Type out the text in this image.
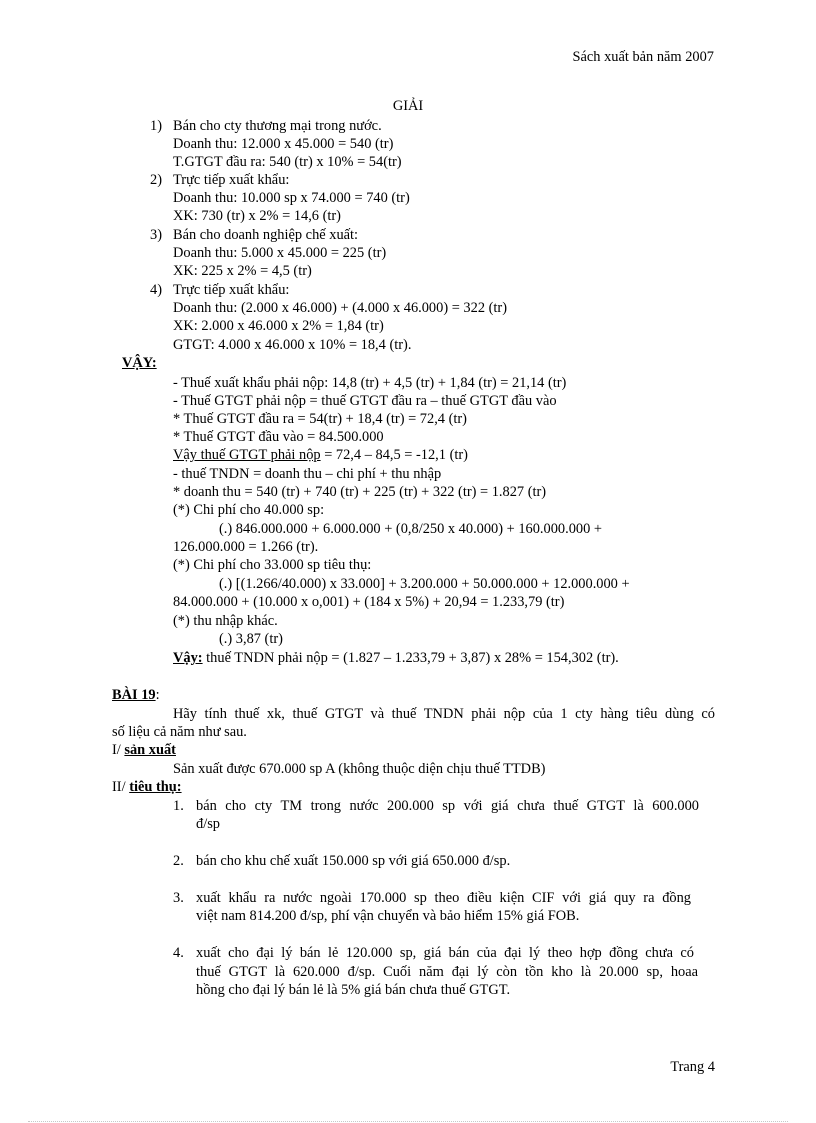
Sách xuất bản năm 2007
GIẢI
1) Bán cho cty thương mại trong nước.
Doanh thu: 12.000 x 45.000 = 540 (tr)
T.GTGT đầu ra: 540 (tr) x 10% = 54(tr)
2) Trực tiếp xuất khẩu:
Doanh thu: 10.000 sp x 74.000 = 740 (tr)
XK: 730 (tr) x 2% = 14,6 (tr)
3) Bán cho doanh nghiệp chế xuất:
Doanh thu: 5.000 x 45.000 = 225 (tr)
XK: 225 x 2% = 4,5 (tr)
4) Trực tiếp xuất khẩu:
Doanh thu: (2.000 x 46.000) + (4.000 x 46.000) = 322 (tr)
XK: 2.000 x 46.000 x 2% = 1,84 (tr)
GTGT: 4.000 x 46.000 x 10% = 18,4 (tr).
VẬY:
- Thuế xuất khẩu phải nộp: 14,8 (tr) + 4,5 (tr) + 1,84 (tr) = 21,14 (tr)
- Thuế GTGT phải nộp = thuế GTGT đầu ra – thuế GTGT đầu vào
* Thuế GTGT đầu ra = 54(tr) + 18,4 (tr) = 72,4 (tr)
* Thuế GTGT đầu vào = 84.500.000
Vậy thuế GTGT phải nộp = 72,4 – 84,5 = -12,1 (tr)
- thuế TNDN = doanh thu – chi phí + thu nhập
* doanh thu = 540 (tr) + 740 (tr) + 225 (tr) + 322 (tr) = 1.827 (tr)
(*) Chi phí cho 40.000 sp:
(.) 846.000.000 + 6.000.000 + (0,8/250 x 40.000) + 160.000.000 +
126.000.000 = 1.266 (tr).
(*) Chi phí cho 33.000 sp tiêu thụ:
(.) [(1.266/40.000) x 33.000] + 3.200.000 + 50.000.000 + 12.000.000 +
84.000.000 + (10.000 x o,001) + (184 x 5%) + 20,94 = 1.233,79 (tr)
(*) thu nhập khác.
(.) 3,87 (tr)
Vậy: thuế TNDN phải nộp = (1.827 – 1.233,79 + 3,87) x 28% = 154,302 (tr).
BÀI 19:
Hãy tính thuế xk, thuế GTGT và thuế TNDN phải nộp của 1 cty hàng tiêu dùng có
số liệu cả năm như sau.
I/ sản xuất
Sản xuất được 670.000 sp A (không thuộc diện chịu thuế TTDB)
II/ tiêu thụ:
1. bán cho cty TM trong nước 200.000 sp với giá chưa thuế GTGT là 600.000
đ/sp
2. bán cho khu chế xuất 150.000 sp với giá 650.000 đ/sp.
3. xuất khẩu ra nước ngoài 170.000 sp theo điều kiện CIF với giá quy ra đồng
việt nam 814.200 đ/sp, phí vận chuyển và bảo hiểm 15% giá FOB.
4. xuất cho đại lý bán lẻ 120.000 sp, giá bán của đại lý theo hợp đồng chưa có
thuế GTGT là 620.000 đ/sp. Cuối năm đại lý còn tồn kho là 20.000 sp, hoaa
hồng cho đại lý bán lẻ là 5% giá bán chưa thuế GTGT.
Trang 4
